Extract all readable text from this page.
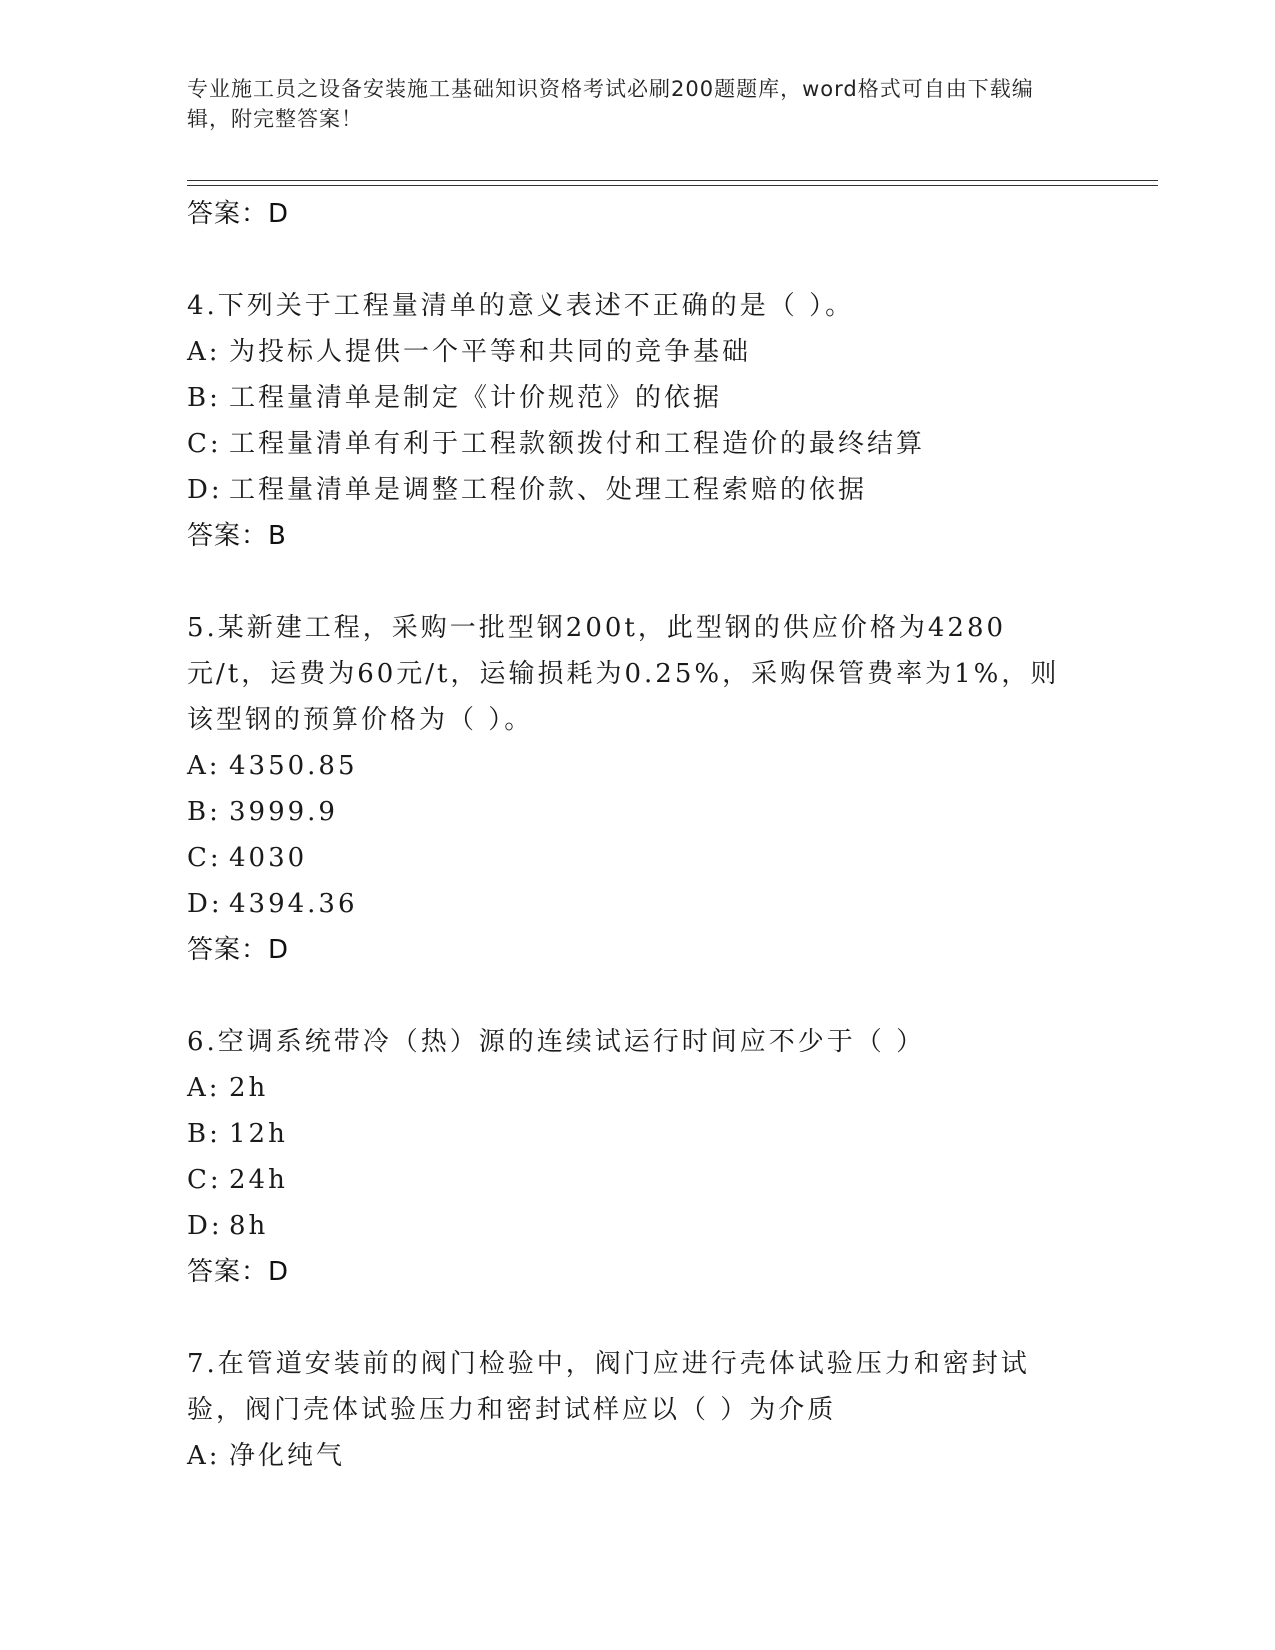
专业施工员之设备安装施工基础知识资格考试必刷200题题库，word格式可自由下载编辑，附完整答案！
答案：D
4.下列关于工程量清单的意义表述不正确的是（ ）。
A: 为投标人提供一个平等和共同的竞争基础
B: 工程量清单是制定《计价规范》的依据
C: 工程量清单有利于工程款额拨付和工程造价的最终结算
D: 工程量清单是调整工程价款、处理工程索赔的依据
答案：B
5.某新建工程，采购一批型钢200t，此型钢的供应价格为4280元/t，运费为60元/t，运输损耗为0.25%，采购保管费率为1%，则该型钢的预算价格为（ ）。
A: 4350.85
B: 3999.9
C: 4030
D: 4394.36
答案：D
6.空调系统带冷（热）源的连续试运行时间应不少于（ ）
A: 2h
B: 12h
C: 24h
D: 8h
答案：D
7.在管道安装前的阀门检验中，阀门应进行壳体试验压力和密封试验，阀门壳体试验压力和密封试样应以（ ）为介质
A: 净化纯气
